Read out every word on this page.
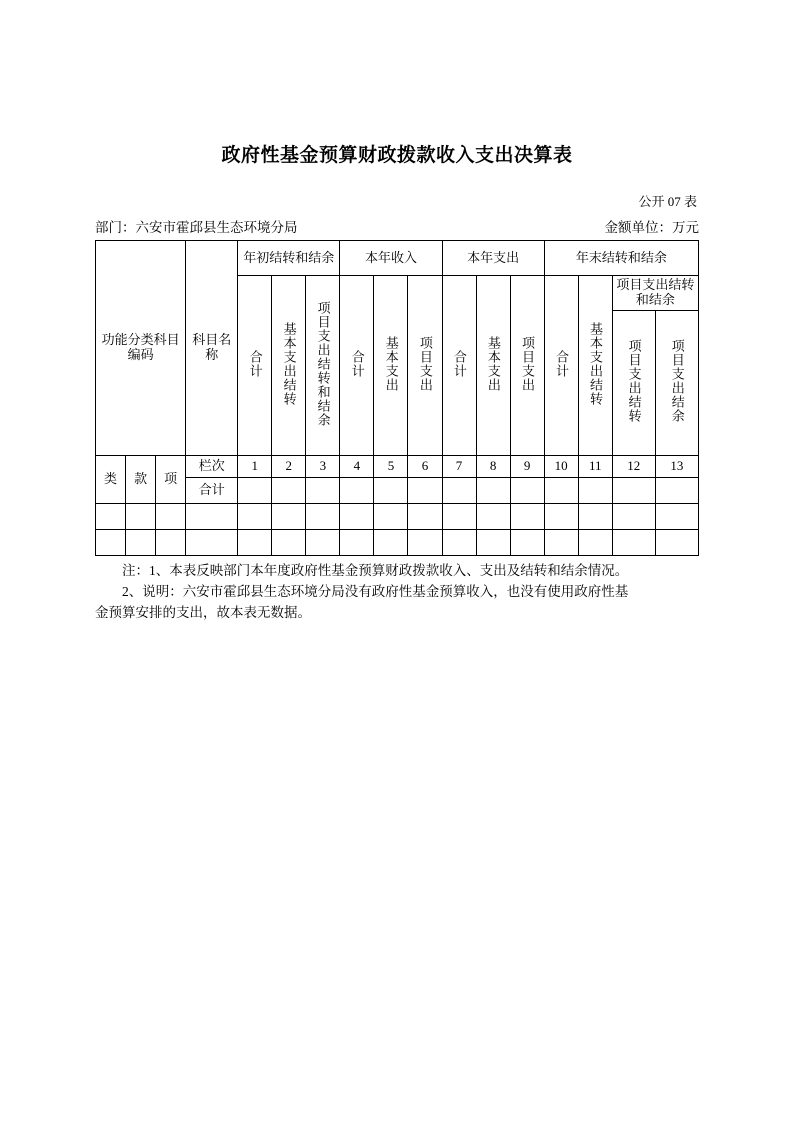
政府性基金预算财政拨款收入支出决算表
公开 07 表
部门：六安市霍邱县生态环境分局	金额单位：万元
功能分类科目编码			科目名称	年初结转和结余			本年收入			本年支出			年末结转和结余			
				合计	基本支出结转	项目支出结转和结余	合计	基本支出	项目支出	合计	基本支出	项目支出	合计	基本支出结转	项目支出结转和结余	
															项目支出结转	项目支出结余
类	款	项	栏次	1	2	3	4	5	6	7	8	9	10	11	12	13
			合计													

注：1、本表反映部门本年度政府性基金预算财政拨款收入、支出及结转和结余情况。

2、说明：六安市霍邱县生态环境分局没有政府性基金预算收入，也没有使用政府性基

金预算安排的支出，故本表无数据。
